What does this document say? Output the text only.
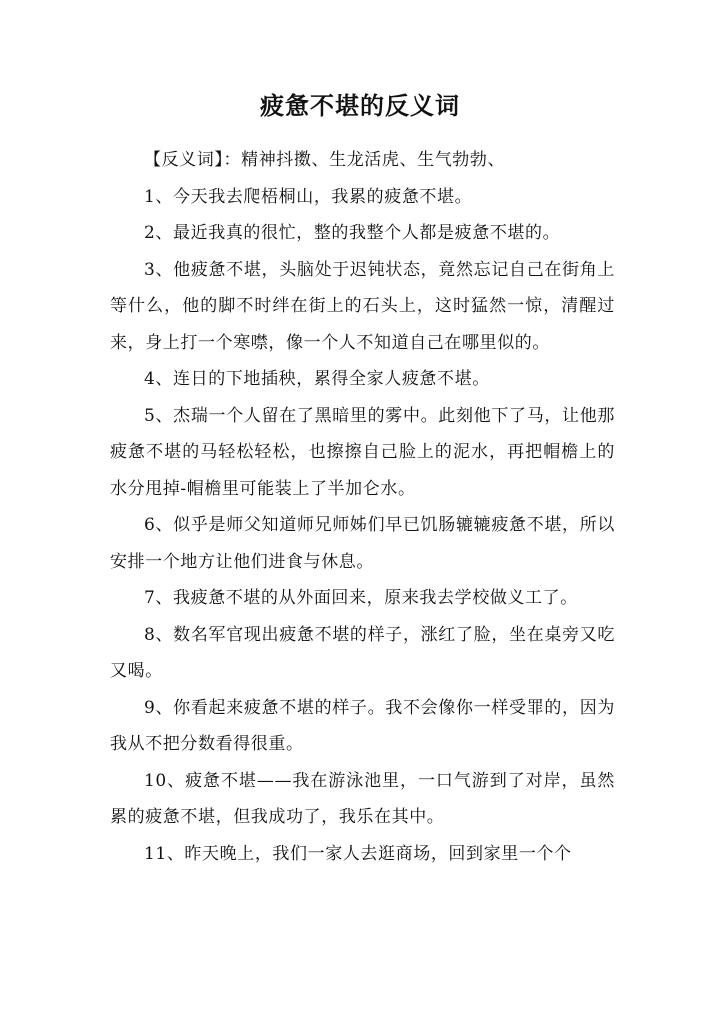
疲惫不堪的反义词

【反义词】：精神抖擞、生龙活虎、生气勃勃、

1、今天我去爬梧桐山，我累的疲惫不堪。

2、最近我真的很忙，整的我整个人都是疲惫不堪的。

3、他疲惫不堪，头脑处于迟钝状态，竟然忘记自己在街角上等什么，他的脚不时绊在街上的石头上，这时猛然一惊，清醒过来，身上打一个寒噤，像一个人不知道自己在哪里似的。

4、连日的下地插秧，累得全家人疲惫不堪。

5、杰瑞一个人留在了黑暗里的雾中。此刻他下了马，让他那疲惫不堪的马轻松轻松，也擦擦自己脸上的泥水，再把帽檐上的水分甩掉-帽檐里可能装上了半加仑水。

6、似乎是师父知道师兄师姊们早已饥肠辘辘疲惫不堪，所以安排一个地方让他们进食与休息。

7、我疲惫不堪的从外面回来，原来我去学校做义工了。

8、数名军官现出疲惫不堪的样子，涨红了脸，坐在桌旁又吃又喝。

9、你看起来疲惫不堪的样子。我不会像你一样受罪的，因为我从不把分数看得很重。

10、疲惫不堪——我在游泳池里，一口气游到了对岸，虽然累的疲惫不堪，但我成功了，我乐在其中。

11、昨天晚上，我们一家人去逛商场，回到家里一个个
